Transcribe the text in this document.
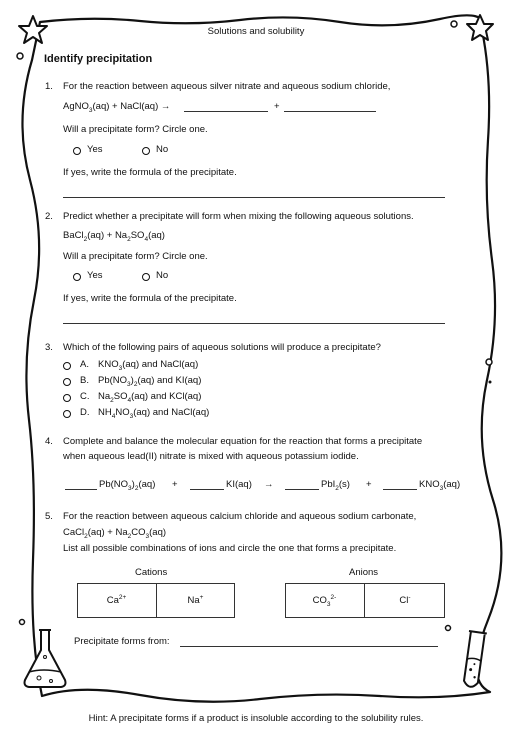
Solutions and solubility
Identify precipitation
1. For the reaction between aqueous silver nitrate and aqueous sodium chloride,
AgNO$_3$(aq) + NaCl(aq) →	+
Will a precipitate form? Circle one.
Yes	No
If yes, write the formula of the precipitate.
2. Predict whether a precipitate will form when mixing the following aqueous solutions.
BaCl$_2$(aq) + $Na_2SO_4(aq)$
Will a precipitate form? Circle one.
Yes	No
If yes, write the formula of the precipitate.
3. Which of the following pairs of aqueous solutions will produce a precipitate?
A. $KNO_3(aq)$ and NaCl(aq)
B. $Pb(NO_3)_2(aq)$ and KI(aq)
C. $Na_2SO_4(aq)$ and KCl(aq)
D. $NH_4NO_3(aq)$ and NaCl(aq)
4. Complete and balance the molecular equation for the reaction that forms a precipitate
when aqueous lead(II) nitrate is mixed with aqueous potassium iodide.
$Pb(NO_3)_2(aq)$ +	KI(aq) →	PbI$_2$(s) +	$KNO_3(aq)$
5. For the reaction between aqueous calcium chloride and aqueous sodium carbonate,
CaCl$_2$(aq) + $Na_2CO_3(aq)$
List all possible combinations of ions and circle the one that forms a precipitate.
Cations	Anions
$Ca^{2+}$	Na+	$CO_3^{2-}$	Cl-
Precipitate forms from:
Hint: A precipitate forms if a product is insoluble according to the solubility rules.
